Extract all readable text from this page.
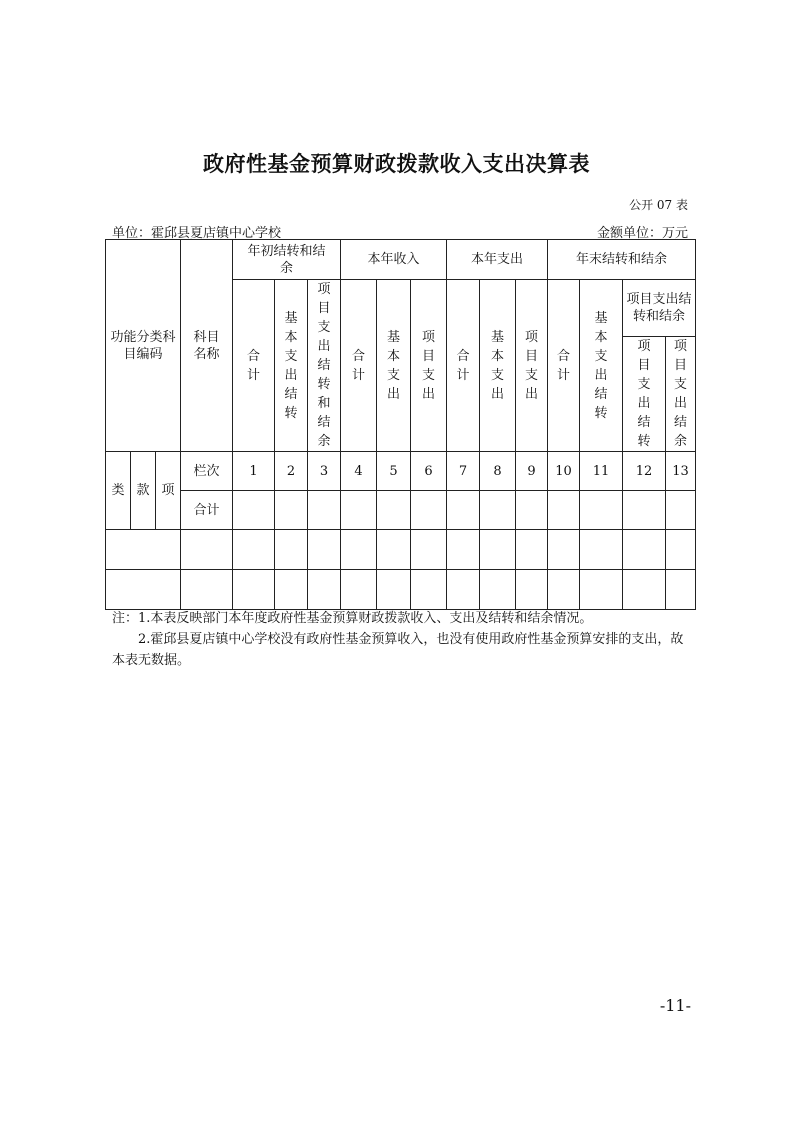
政府性基金预算财政拨款收入支出决算表
公开 07 表
单位：霍邱县夏店镇中心学校	金额单位：万元
功能分类科目编码			科目名称	年初结转和结余			本年收入			本年支出			年末结转和结余			

				合计	基本支出结转	项目支出结转和结余	合计	基本支出	项目支出	合计	基本支出	项目支出	合计	基本支出结转	项目支出结转和结余	

															项目支出结转	项目支出结余

类	款	项	栏次	1	2	3	4	5	6	7	8	9	10	11	12	13
			合计													

注：1.本表反映部门本年度政府性基金预算财政拨款收入、支出及结转和结余情况。

2.霍邱县夏店镇中心学校没有政府性基金预算收入，也没有使用政府性基金预算安排的支出，故本表无数据。

-11-
